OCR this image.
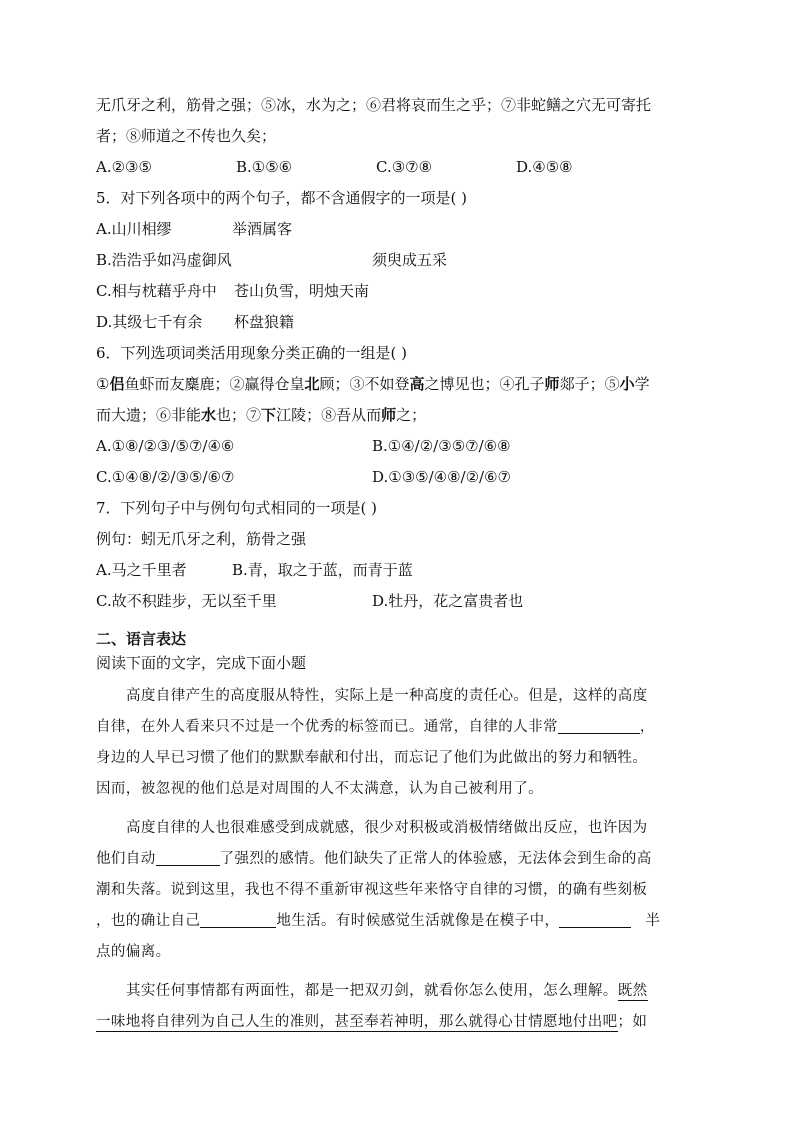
无爪牙之利，筋骨之强；⑤冰，水为之；⑥君将哀而生之乎；⑦非蛇鳝之穴无可寄托
者；⑧师道之不传也久矣；
A.②③⑤	B.①⑤⑥	C.③⑦⑧	D.④⑤⑧
5．对下列各项中的两个句子，都不含通假字的一项是( )
A.山川相缪	举酒属客
B.浩浩乎如冯虚御风	须臾成五采
C.相与枕藉乎舟中 苍山负雪，明烛天南
D.其级七千有余 杯盘狼籍
6．下列选项词类活用现象分类正确的一组是( )
①侣鱼虾而友麋鹿；②赢得仓皇北顾；③不如登高之博见也；④孔子师郯子；⑤小学
而大遗；⑥非能水也；⑦下江陵；⑧吾从而师之；
A.①⑧/②③/⑤⑦/④⑥	B.①④/②/③⑤⑦/⑥⑧
C.①④⑧/②/③⑤/⑥⑦	D.①③⑤/④⑧/②/⑥⑦
7．下列句子中与例句句式相同的一项是( )
例句：蚓无爪牙之利，筋骨之强
A.马之千里者	B.青，取之于蓝，而青于蓝
C.故不积跬步，无以至千里	D.牡丹，花之富贵者也
二、语言表达
阅读下面的文字，完成下面小题
高度自律产生的高度服从特性，实际上是一种高度的责任心。但是，这样的高度
自律，在外人看来只不过是一个优秀的标签而已。通常，自律的人非常	，
身边的人早已习惯了他们的默默奉献和付出，而忘记了他们为此做出的努力和牺牲。
因而，被忽视的他们总是对周围的人不太满意，认为自己被利用了。
高度自律的人也很难感受到成就感，很少对积极或消极情绪做出反应，也许因为
他们自动	了强烈的感情。他们缺失了正常人的体验感，无法体会到生命的高
潮和失落。说到这里，我也不得不重新审视这些年来恪守自律的习惯，的确有些刻板
，也的确让自己	地生活。有时候感觉生活就像是在模子中，	半
点的偏离。
其实任何事情都有两面性，都是一把双刃剑，就看你怎么使用，怎么理解。既然
一味地将自律列为自己人生的准则，甚至奉若神明，那么就得心甘情愿地付出吧；如
